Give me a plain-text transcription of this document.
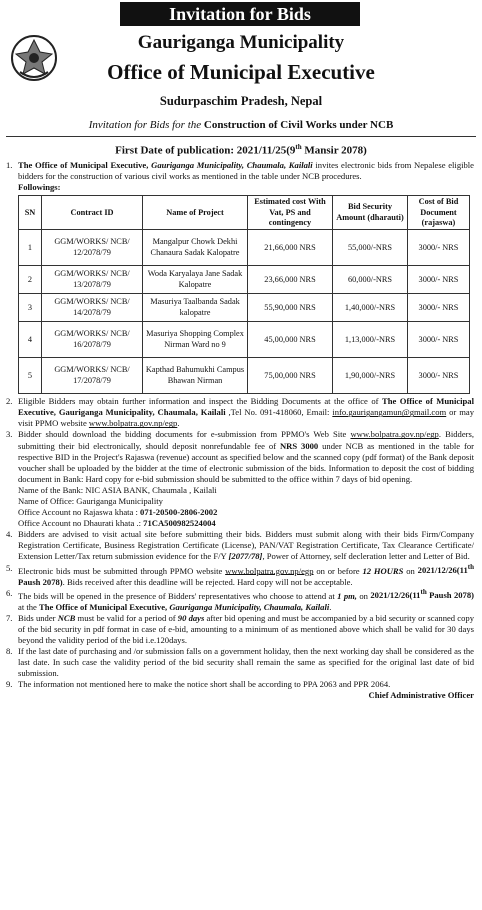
Invitation for Bids
Gauriganga Municipality
Office of Municipal Executive
Sudurpaschim Pradesh, Nepal
Invitation for Bids for the Construction of Civil Works under NCB
First Date of publication: 2021/11/25(9th Mansir 2078)
1. The Office of Municipal Executive, Gauriganga Municipality, Chaumala, Kailali invites electronic bids from Nepalese eligible bidders for the construction of various civil works as mentioned in the table under NCB procedures.
Followings:
SN	Contract ID	Name of Project	Estimated cost With Vat, PS and contingency	Bid Security Amount (dharauti)	Cost of Bid Document (rajaswa)
1	GGM/WORKS/ NCB/ 12/2078/79	Mangalpur Chowk Dekhi Chanaura Sadak Kalopatre	21,66,000 NRS	55,000/-NRS	3000/- NRS
2	GGM/WORKS/ NCB/ 13/2078/79	Woda Karyalaya Jane Sadak Kalopatre	23,66,000 NRS	60,000/-NRS	3000/- NRS
3	GGM/WORKS/ NCB/ 14/2078/79	Masuriya Taalbanda Sadak kalopatre	55,90,000 NRS	1,40,000/-NRS	3000/- NRS
4	GGM/WORKS/ NCB/ 16/2078/79	Masuriya Shopping Complex Nirman Ward no 9	45,00,000 NRS	1,13,000/-NRS	3000/- NRS
5	GGM/WORKS/ NCB/ 17/2078/79	Kapthad Bahumukhi Campus Bhawan Nirman	75,00,000 NRS	1,90,000/-NRS	3000/- NRS
2. Eligible Bidders may obtain further information and inspect the Bidding Documents at the office of The Office of Municipal Executive, Gauriganga Municipality, Chaumala, Kailali ,Tel No. 091-418060, Email: info.gaurigangamun@gmail.com or may visit PPMO website www.bolpatra.gov.np/egp.
3. Bidder should download the bidding documents for e-submission from PPMO's Web Site www.bolpatra.gov.np/egp. Bidders, submitting their bid electronically, should deposit nonrefundable fee of NRS 3000 under NCB as mentioned in the table for respective BID in the Project's Rajaswa (revenue) account as specified below and the scanned copy (pdf format) of the Bank deposit voucher shall be uploaded by the bidder at the time of electronic submission of the bids. Information to deposit the cost of bidding document in Bank: Hard copy for e-bid submission should be submitted to the office within 7 days of bid opening.
Name of the Bank: NIC ASIA BANK, Chaumala , Kailali
Name of Office: Gauriganga Municipality
Office Account no Rajaswa khata : 071-20500-2806-2002
Office Account no Dhaurati khata .: 71CA500982524004
4. Bidders are advised to visit actual site before submitting their bids. Bidders must submit along with their bids Firm/Company Registration Certificate, Business Registration Certificate (License), PAN/VAT Registration Certificate, Tax Clearance Certificate/ Extension Letter/Tax return submission evidence for the F/Y [2077/78], Power of Attorney, self decleration letter and Letter of Bid.
5. Electronic bids must be submitted through PPMO website www.bolpatra.gov.np/egp on or before 12 HOURS on 2021/12/26(11th Paush 2078). Bids received after this deadline will be rejected. Hard copy will not be acceptable.
6. The bids will be opened in the presence of Bidders' representatives who choose to attend at 1 pm, on 2021/12/26(11th Paush 2078) at the The Office of Municipal Executive, Gauriganga Municipality, Chaumala, Kailali.
7. Bids under NCB must be valid for a period of 90 days after bid opening and must be accompanied by a bid security or scanned copy of the bid security in pdf format in case of e-bid, amounting to a minimum of as mentioned above which shall be valid for 30 days beyond the validity period of the bid i.e.120days.
8. If the last date of purchasing and /or submission falls on a government holiday, then the next working day shall be considered as the last date. In such case the validity period of the bid security shall remain the same as specified for the original last date of bid submission.
9. The information not mentioned here to make the notice short shall be according to PPA 2063 and PPR 2064.
Chief Administrative Officer
